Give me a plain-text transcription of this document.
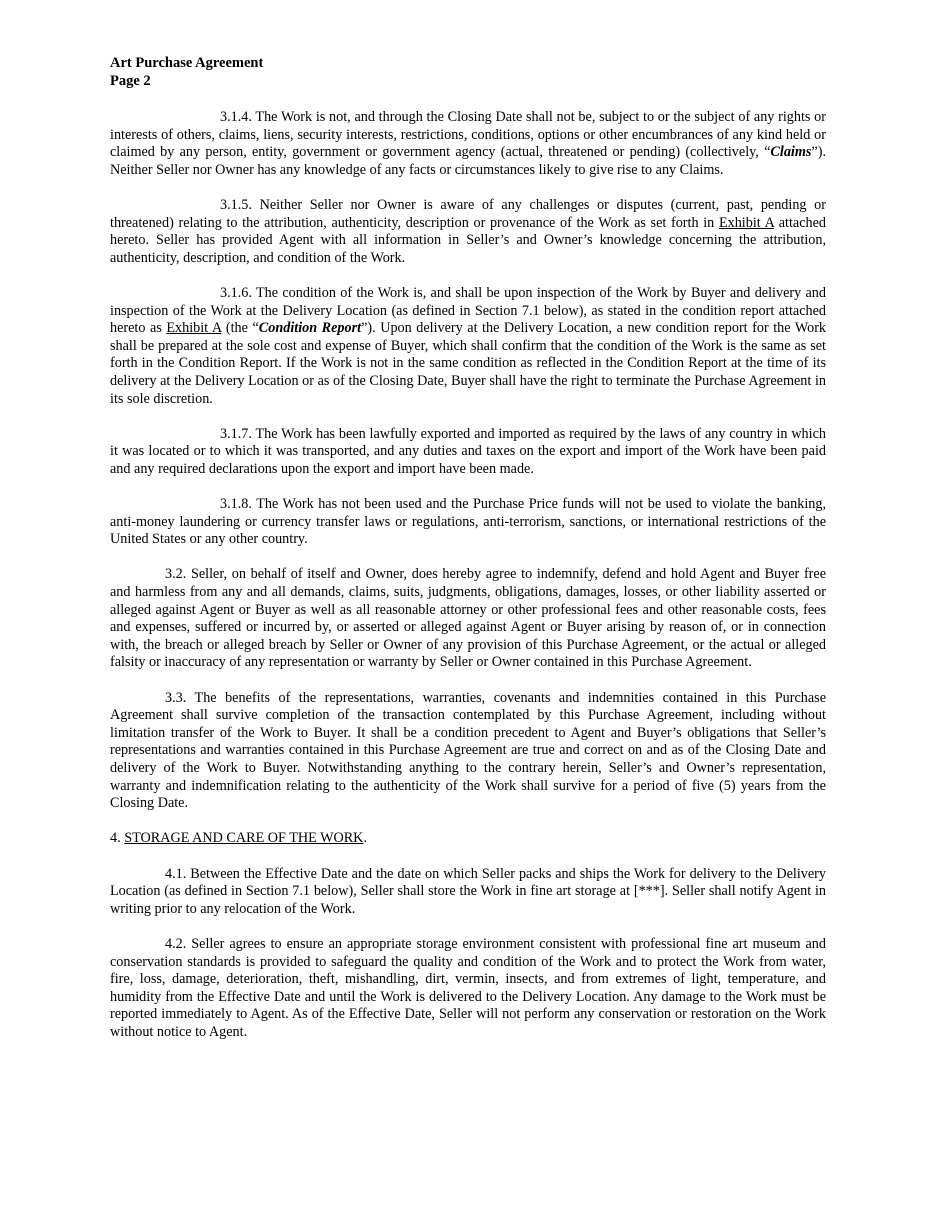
Art Purchase Agreement
Page 2

3.1.4. The Work is not, and through the Closing Date shall not be, subject to or the subject of any rights or interests of others, claims, liens, security interests, restrictions, conditions, options or other encumbrances of any kind held or claimed by any person, entity, government or government agency (actual, threatened or pending) (collectively, “Claims”). Neither Seller nor Owner has any knowledge of any facts or circumstances likely to give rise to any Claims.

3.1.5. Neither Seller nor Owner is aware of any challenges or disputes (current, past, pending or threatened) relating to the attribution, authenticity, description or provenance of the Work as set forth in Exhibit A attached hereto. Seller has provided Agent with all information in Seller’s and Owner’s knowledge concerning the attribution, authenticity, description, and condition of the Work.

3.1.6. The condition of the Work is, and shall be upon inspection of the Work by Buyer and delivery and inspection of the Work at the Delivery Location (as defined in Section 7.1 below), as stated in the condition report attached hereto as Exhibit A (the “Condition Report”). Upon delivery at the Delivery Location, a new condition report for the Work shall be prepared at the sole cost and expense of Buyer, which shall confirm that the condition of the Work is the same as set forth in the Condition Report. If the Work is not in the same condition as reflected in the Condition Report at the time of its delivery at the Delivery Location or as of the Closing Date, Buyer shall have the right to terminate the Purchase Agreement in its sole discretion.

3.1.7. The Work has been lawfully exported and imported as required by the laws of any country in which it was located or to which it was transported, and any duties and taxes on the export and import of the Work have been paid and any required declarations upon the export and import have been made.

3.1.8. The Work has not been used and the Purchase Price funds will not be used to violate the banking, anti-money laundering or currency transfer laws or regulations, anti-terrorism, sanctions, or international restrictions of the United States or any other country.

3.2. Seller, on behalf of itself and Owner, does hereby agree to indemnify, defend and hold Agent and Buyer free and harmless from any and all demands, claims, suits, judgments, obligations, damages, losses, or other liability asserted or alleged against Agent or Buyer as well as all reasonable attorney or other professional fees and other reasonable costs, fees and expenses, suffered or incurred by, or asserted or alleged against Agent or Buyer arising by reason of, or in connection with, the breach or alleged breach by Seller or Owner of any provision of this Purchase Agreement, or the actual or alleged falsity or inaccuracy of any representation or warranty by Seller or Owner contained in this Purchase Agreement.

3.3. The benefits of the representations, warranties, covenants and indemnities contained in this Purchase Agreement shall survive completion of the transaction contemplated by this Purchase Agreement, including without limitation transfer of the Work to Buyer. It shall be a condition precedent to Agent and Buyer’s obligations that Seller’s representations and warranties contained in this Purchase Agreement are true and correct on and as of the Closing Date and delivery of the Work to Buyer. Notwithstanding anything to the contrary herein, Seller’s and Owner’s representation, warranty and indemnification relating to the authenticity of the Work shall survive for a period of five (5) years from the Closing Date.

4. STORAGE AND CARE OF THE WORK.

4.1. Between the Effective Date and the date on which Seller packs and ships the Work for delivery to the Delivery Location (as defined in Section 7.1 below), Seller shall store the Work in fine art storage at [***]. Seller shall notify Agent in writing prior to any relocation of the Work.

4.2. Seller agrees to ensure an appropriate storage environment consistent with professional fine art museum and conservation standards is provided to safeguard the quality and condition of the Work and to protect the Work from water, fire, loss, damage, deterioration, theft, mishandling, dirt, vermin, insects, and from extremes of light, temperature, and humidity from the Effective Date and until the Work is delivered to the Delivery Location. Any damage to the Work must be reported immediately to Agent. As of the Effective Date, Seller will not perform any conservation or restoration on the Work without notice to Agent.
